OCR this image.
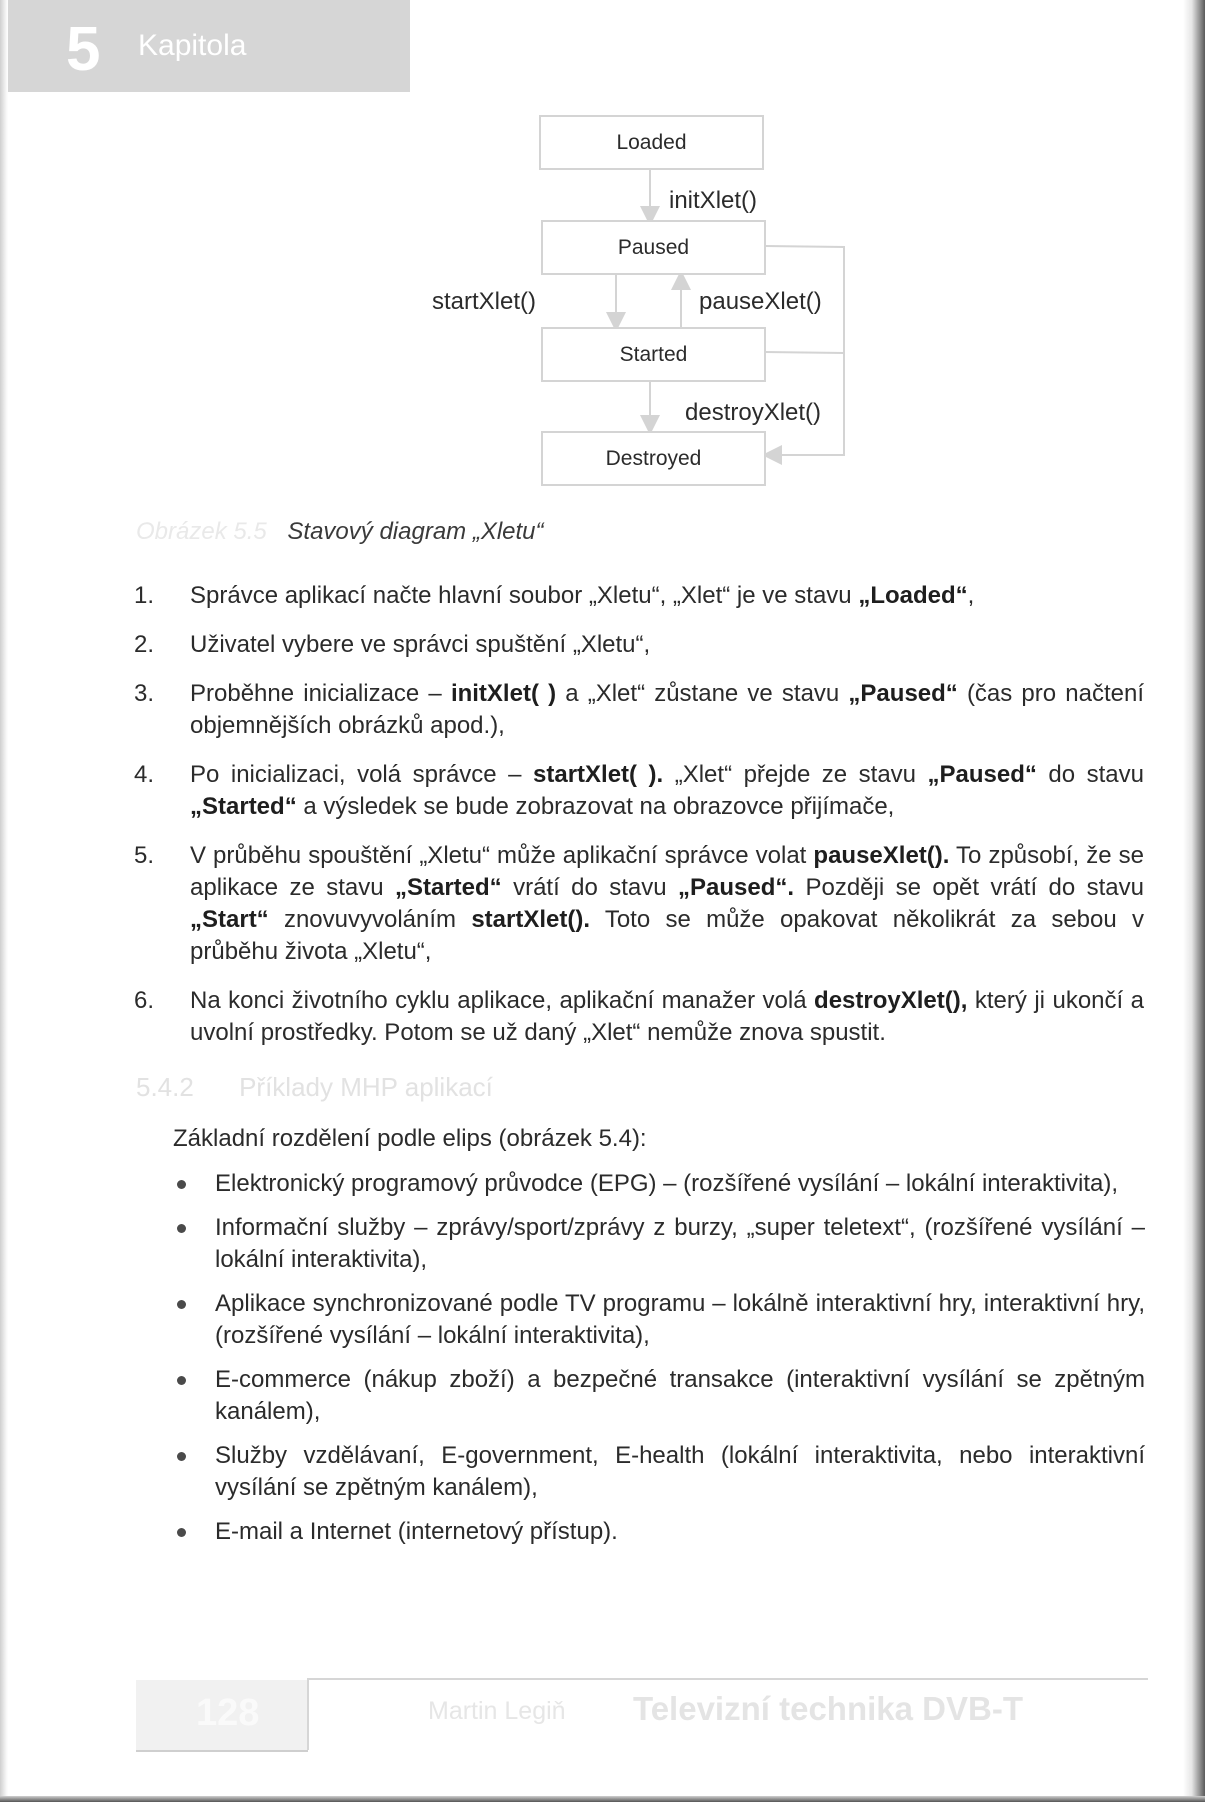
5 Kapitola
Loaded
Paused
Started
Destroyed
initXlet()
startXlet()	pauseXlet()
destroyXlet()
Obrázek 5.5 Stavový diagram „Xletu“
1. Správce aplikací načte hlavní soubor „Xletu“, „Xlet“ je ve stavu „Loaded“,
2. Uživatel vybere ve správci spuštění „Xletu“,
3. Proběhne inicializace – initXlet( ) a „Xlet“ zůstane ve stavu „Paused“ (čas pro načtení objemnějších obrázků apod.),
4. Po inicializaci, volá správce – startXlet( ). „Xlet“ přejde ze stavu „Paused“ do stavu „Started“ a výsledek se bude zobrazovat na obrazovce přijímače,
5. V průběhu spouštění „Xletu“ může aplikační správce volat pauseXlet(). To způsobí, že se aplikace ze stavu „Started“ vrátí do stavu „Paused“. Později se opět vrátí do stavu „Start“ znovuvyvoláním startXlet(). Toto se může opakovat několikrát za sebou v průběhu života „Xletu“,
6. Na konci životního cyklu aplikace, aplikační manažer volá destroyXlet(), který ji ukončí a uvolní prostředky. Potom se už daný „Xlet“ nemůže znova spustit.
5.4.2 Příklady MHP aplikací
Základní rozdělení podle elips (obrázek 5.4):
Elektronický programový průvodce (EPG) – (rozšířené vysílání – lokální interaktivita),
Informační služby – zprávy/sport/zprávy z burzy, „super teletext“, (rozšířené vysílání – lokální interaktivita),
Aplikace synchronizované podle TV programu – lokálně interaktivní hry, interaktivní hry, (rozšířené vysílání – lokální interaktivita),
E-commerce (nákup zboží) a bezpečné transakce (interaktivní vysílání se zpětným kanálem),
Služby vzdělávaní, E-government, E-health (lokální interaktivita, nebo interaktivní vysílání se zpětným kanálem),
E-mail a Internet (internetový přístup).
128	Martin Legiň Televizní technika DVB-T
